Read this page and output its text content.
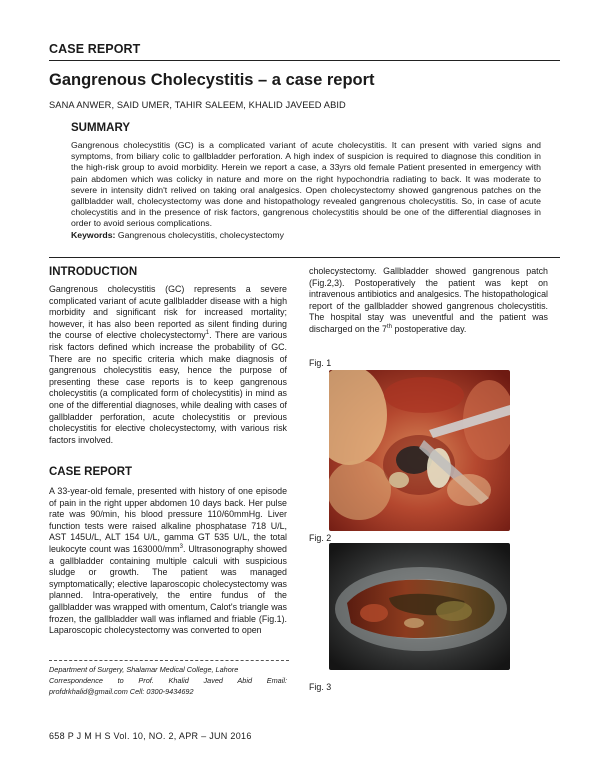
CASE REPORT
Gangrenous Cholecystitis – a case report
SANA ANWER, SAID UMER, TAHIR SALEEM, KHALID JAVEED ABID
SUMMARY
Gangrenous cholecystitis (GC) is a complicated variant of acute cholecystitis. It can present with varied signs and symptoms, from biliary colic to gallbladder perforation. A high index of suspicion is required to diagnose this condition in the high-risk group to avoid morbidity. Herein we report a case, a 33yrs old female Patient presented in emergency with pain abdomen which was colicky in nature and more on the right hypochondria radiating to back. It was moderate to severe in intensity didn't relived on taking oral analgesics. Open cholecystectomy showed gangrenous patches on the gallbladder wall, cholecystectomy was done and histopathology revealed gangrenous cholecystitis. So, in case of acute cholecystitis and in the presence of risk factors, gangrenous cholecystitis should be one of the differential diagnoses in order to avoid serious complications.
Keywords: Gangrenous cholecystitis, cholecystectomy
INTRODUCTION
Gangrenous cholecystitis (GC) represents a severe complicated variant of acute gallbladder disease with a high morbidity and significant risk for increased mortality; however, it has also been reported as silent finding during the course of elective cholecystectomy$^1$. There are various risk factors defined which increase the probability of GC. There are no specific criteria which make diagnosis of gangrenous cholecystitis easy, hence the purpose of presenting these case reports is to keep gangrenous cholecystitis (a complicated form of cholecystitis) in mind as one of the differential diagnoses, while dealing with cases of gallbladder perforation, acute cholecystitis or previous cholecystitis for elective cholecystectomy, with various risk factors involved.
CASE REPORT
A 33-year-old female, presented with history of one episode of pain in the right upper abdomen 10 days back. Her pulse rate was 90/min, his blood pressure 110/60mmHg. Liver function tests were raised alkaline phosphatase 718 U/L, AST 145U/L, ALT 154 U/L, gamma GT 535 U/L, the total leukocyte count was $163000/mm^3$. Ultrasonography showed a gallbladder containing multiple calculi with suspicious sludge or growth. The patient was managed symptomatically; elective laparoscopic cholecystectomy was planned. Intra-operatively, the entire fundus of the gallbladder was wrapped with omentum, Calot's triangle was frozen, the gallbladder wall was inflamed and friable (Fig.1). Laparoscopic cholecystectomy was converted to open
Department of Surgery, Shalamar Medical College, Lahore
Correspondence to Prof. Khalid Javed Abid Email: profdrkhalid@gmail.com Cell: 0300-9434692
658 P J M H S Vol. 10, NO. 2, APR – JUN 2016
cholecystectomy. Gallbladder showed gangrenous patch (Fig.2,3). Postoperatively the patient was kept on intravenous antibiotics and analgesics. The histopathological report of the gallbladder showed gangrenous cholecystitis. The hospital stay was uneventful and the patient was discharged on the 7th postoperative day.
Fig. 1
Fig. 2
Fig. 3
